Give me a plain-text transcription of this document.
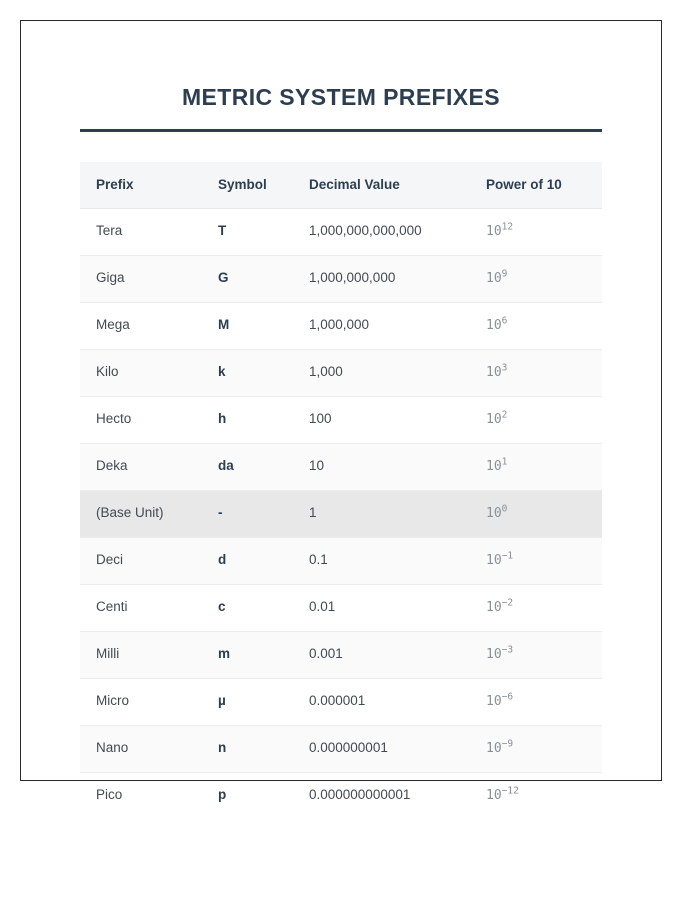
METRIC SYSTEM PREFIXES
Prefix	Symbol	Decimal Value	Power of 10
Tera	T	1,000,000,000,000	$10^{12}$
Giga	G	1,000,000,000	$10^9$
Mega	M	1,000,000	$10^6$
Kilo	k	1,000	$10^3$
Hecto	h	100	$10^2$
Deka	da	10	$10^1$
(Base Unit)	-	1	$10^0$
Deci	d	0.1	$10^{-1}$
Centi	c	0.01	$10^{-2}$
Milli	m	0.001	$10^{-3}$
Micro	µ	0.000001	$10^{-6}$
Nano	n	0.000000001	$10^{-9}$
Pico	p	0.000000000001	$10^{-12}$
